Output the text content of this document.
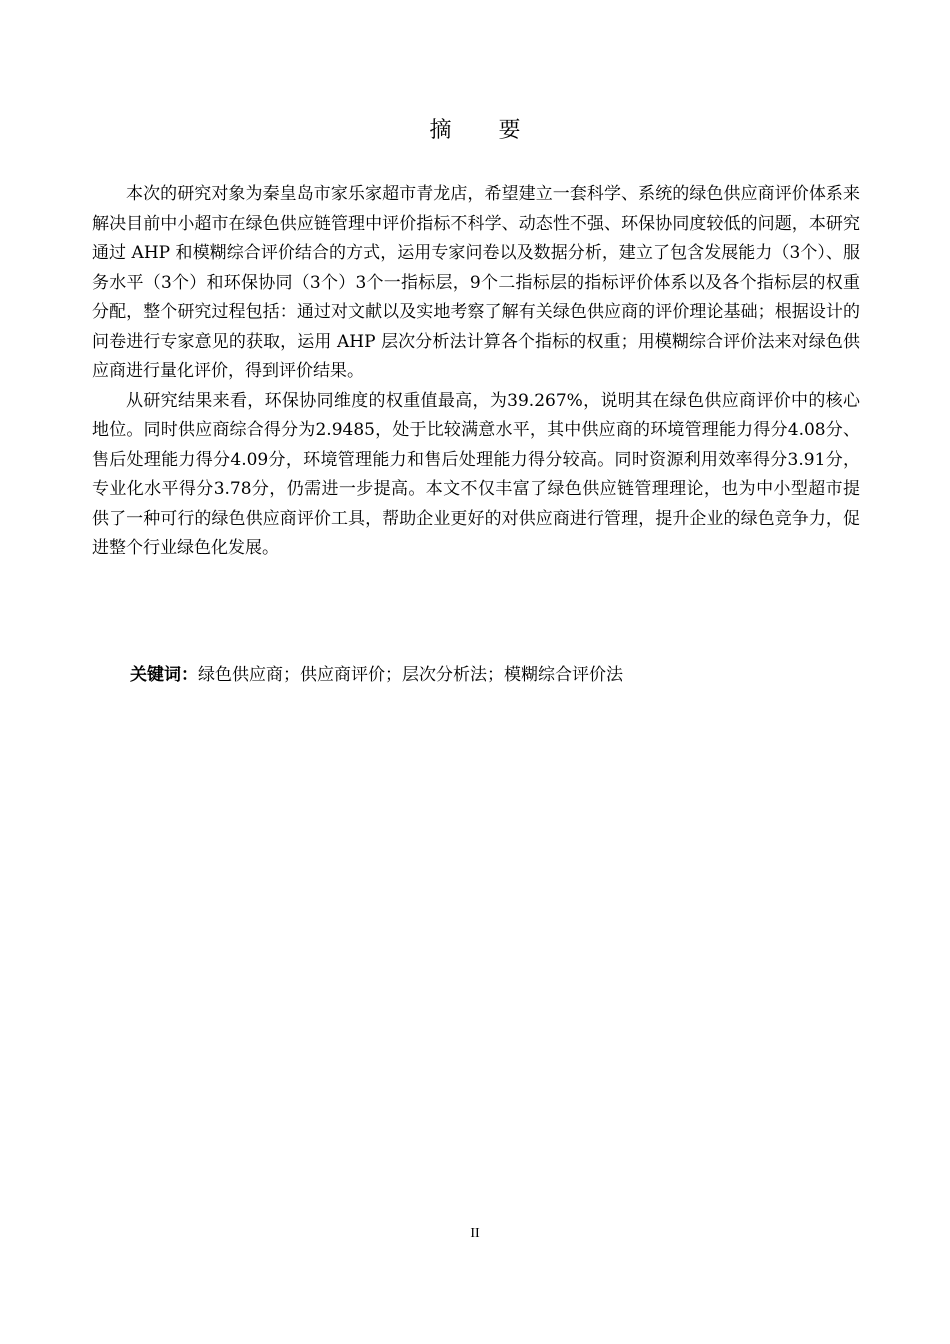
摘 要

本次的研究对象为秦皇岛市家乐家超市青龙店，希望建立一套科学、系统的绿色供应商评价体系来解决目前中小超市在绿色供应链管理中评价指标不科学、动态性不强、环保协同度较低的问题，本研究通过 AHP 和模糊综合评价结合的方式，运用专家问卷以及数据分析，建立了包含发展能力（3个）、服务水平（3个）和环保协同（3个）3个一指标层，9个二指标层的指标评价体系以及各个指标层的权重分配，整个研究过程包括：通过对文献以及实地考察了解有关绿色供应商的评价理论基础；根据设计的问卷进行专家意见的获取，运用 AHP 层次分析法计算各个指标的权重；用模糊综合评价法来对绿色供应商进行量化评价，得到评价结果。

从研究结果来看，环保协同维度的权重值最高，为39.267%，说明其在绿色供应商评价中的核心地位。同时供应商综合得分为2.9485，处于比较满意水平，其中供应商的环境管理能力得分4.08分、售后处理能力得分4.09分，环境管理能力和售后处理能力得分较高。同时资源利用效率得分3.91分，专业化水平得分3.78分，仍需进一步提高。本文不仅丰富了绿色供应链管理理论，也为中小型超市提供了一种可行的绿色供应商评价工具，帮助企业更好的对供应商进行管理，提升企业的绿色竞争力，促进整个行业绿色化发展。

关键词：绿色供应商；供应商评价；层次分析法；模糊综合评价法
II
